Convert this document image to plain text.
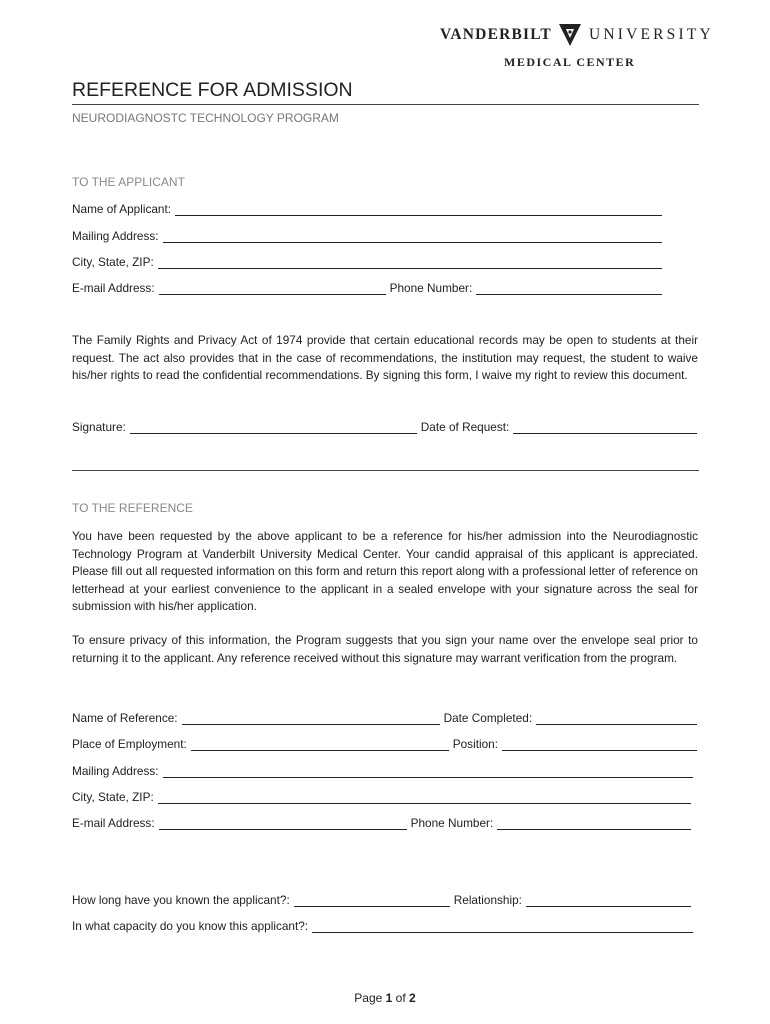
VANDERBILT UNIVERSITY
MEDICAL CENTER
REFERENCE FOR ADMISSION
NEURODIAGNOSTC TECHNOLOGY PROGRAM
TO THE APPLICANT
Name of Applicant:
Mailing Address:
City, State, ZIP:
E-mail Address:	Phone Number:
The Family Rights and Privacy Act of 1974 provide that certain educational records may be open to students at their request. The act also provides that in the case of recommendations, the institution may request, the student to waive his/her rights to read the confidential recommendations. By signing this form, I waive my right to review this document.
Signature:	Date of Request:
TO THE REFERENCE
You have been requested by the above applicant to be a reference for his/her admission into the Neurodiagnostic Technology Program at Vanderbilt University Medical Center. Your candid appraisal of this applicant is appreciated. Please fill out all requested information on this form and return this report along with a professional letter of reference on letterhead at your earliest convenience to the applicant in a sealed envelope with your signature across the seal for submission with his/her application.
To ensure privacy of this information, the Program suggests that you sign your name over the envelope seal prior to returning it to the applicant. Any reference received without this signature may warrant verification from the program.
Name of Reference:	Date Completed:
Place of Employment:	Position:
Mailing Address:
City, State, ZIP:
E-mail Address:	Phone Number:
How long have you known the applicant?:	Relationship:
In what capacity do you know this applicant?:
Page 1 of 2
